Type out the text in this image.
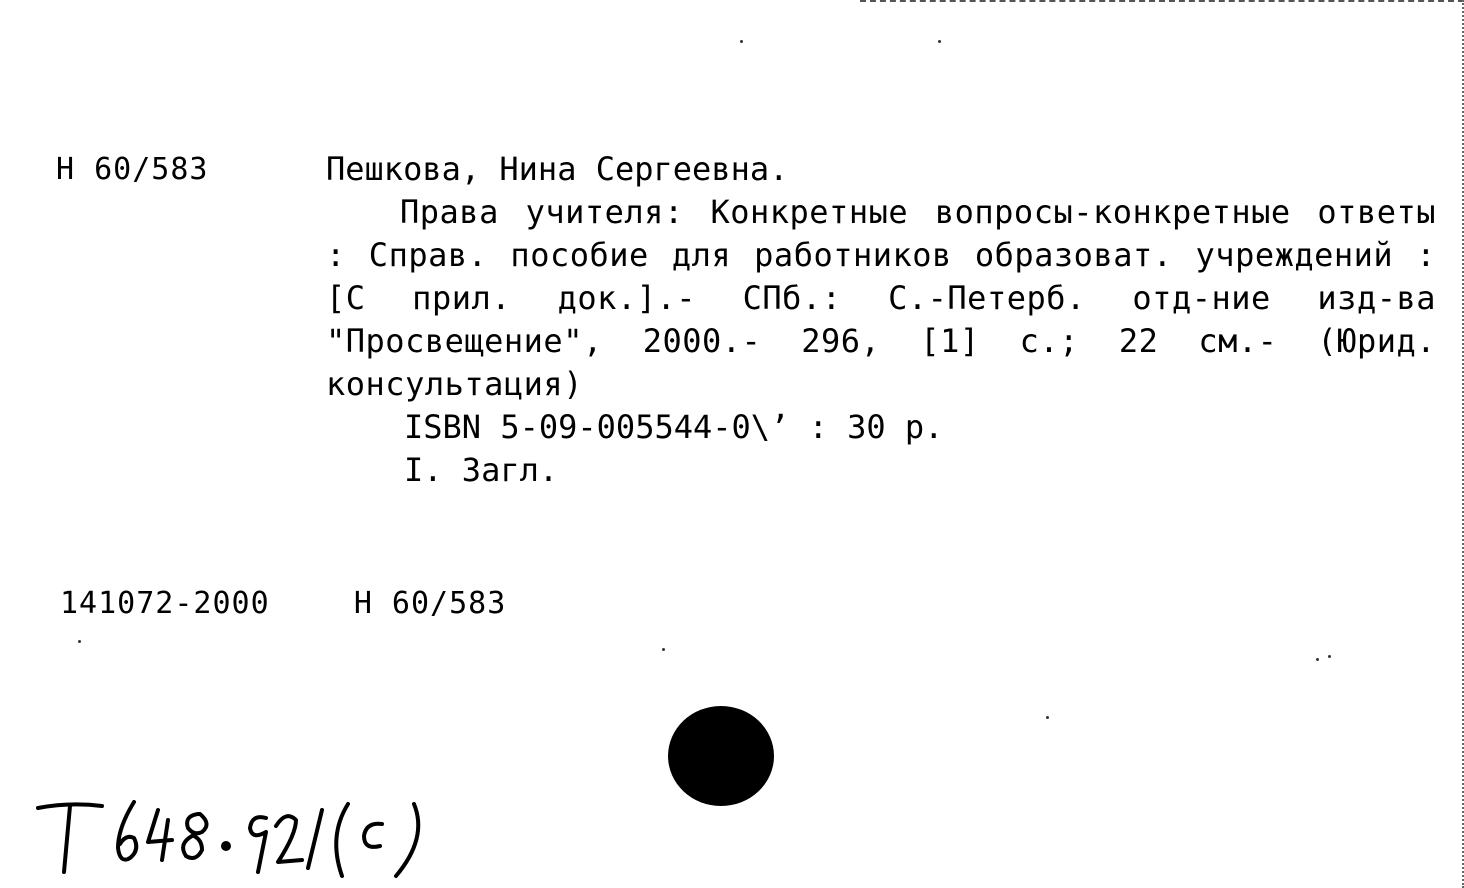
Н 60/583	Пешкова, Нина Сергеевна.

Права учителя: Конкретные вопросы-конкретные ответы : Справ. пособие для работников образоват. учреждений : [С прил. док.].- СПб.: С.-Петерб. отд-ние изд-ва "Просвещение", 2000.- 296, [1] с.; 22 см.- (Юрид. консультация)

ISBN 5-09-005544-0\ʼ : 30 р.
I. Загл.
141072-2000	Н 60/583
